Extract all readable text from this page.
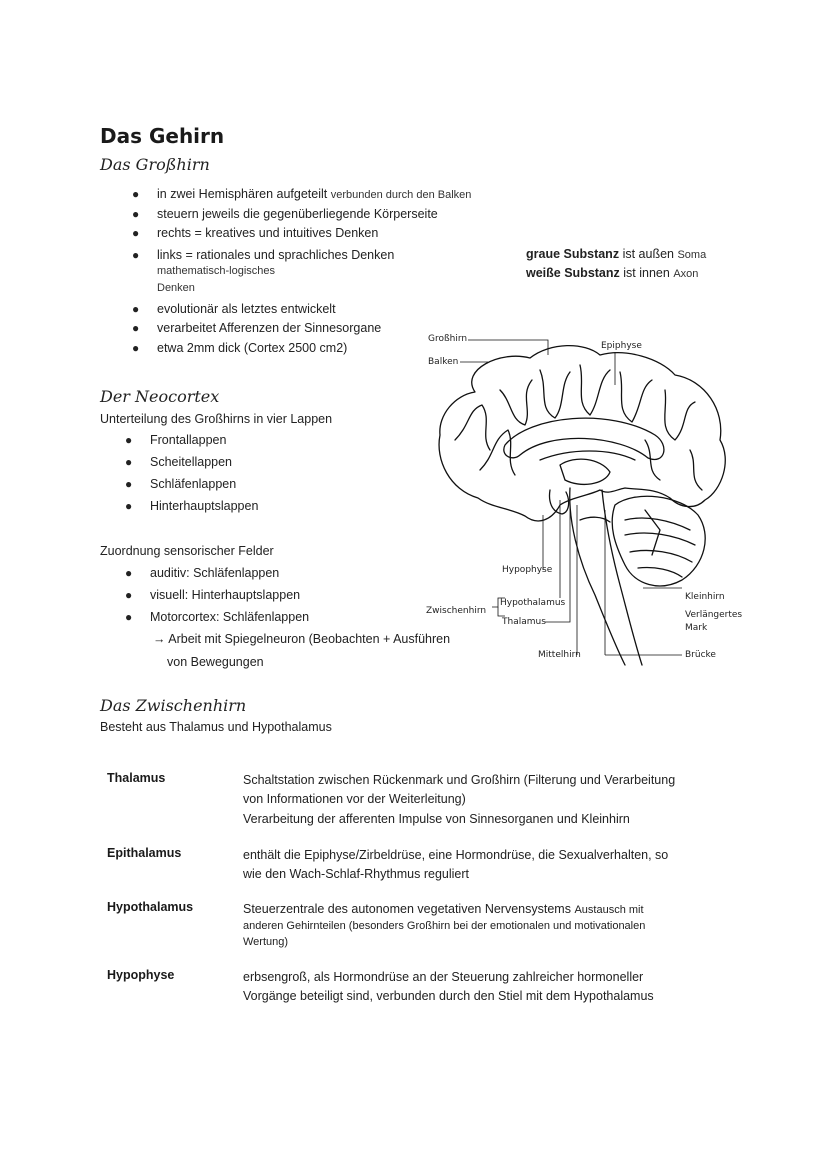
Das Gehirn
Das Großhirn
● in zwei Hemisphären aufgeteilt verbunden durch den Balken
● steuern jeweils die gegenüberliegende Körperseite
● rechts = kreatives und intuitives Denken
● links = rationales und sprachliches Denken
mathematisch-logisches
Denken
● evolutionär als letztes entwickelt
● verarbeitet Afferenzen der Sinnesorgane
● etwa 2mm dick (Cortex 2500 cm2)
graue Substanz ist außen Soma
weiße Substanz ist innen Axon
Großhirn
Balken
Epiphyse
Hypophyse
Zwischenhirn
Hypothalamus
Thalamus
Mittelhirn
Kleinhirn
Verlängertes
Mark
Brücke
Der Neocortex
Unterteilung des Großhirns in vier Lappen
● Frontallappen
● Scheitellappen
● Schläfenlappen
● Hinterhauptslappen
Zuordnung sensorischer Felder
● auditiv: Schläfenlappen
● visuell: Hinterhauptslappen
● Motorcortex: Schläfenlappen
→ Arbeit mit Spiegelneuron (Beobachten + Ausführen
von Bewegungen
Das Zwischenhirn
Besteht aus Thalamus und Hypothalamus
Thalamus	Schaltstation zwischen Rückenmark und Großhirn (Filterung und Verarbeitung
von Informationen vor der Weiterleitung)
Verarbeitung der afferenten Impulse von Sinnesorganen und Kleinhirn
Epithalamus	enthält die Epiphyse/Zirbeldrüse, eine Hormondrüse, die Sexualverhalten, so
wie den Wach-Schlaf-Rhythmus reguliert
Hypothalamus	Steuerzentrale des autonomen vegetativen Nervensystems Austausch mit
anderen Gehirnteilen (besonders Großhirn bei der emotionalen und motivationalen
Wertung)
Hypophyse	erbsengroß, als Hormondrüse an der Steuerung zahlreicher hormoneller
Vorgänge beteiligt sind, verbunden durch den Stiel mit dem Hypothalamus
